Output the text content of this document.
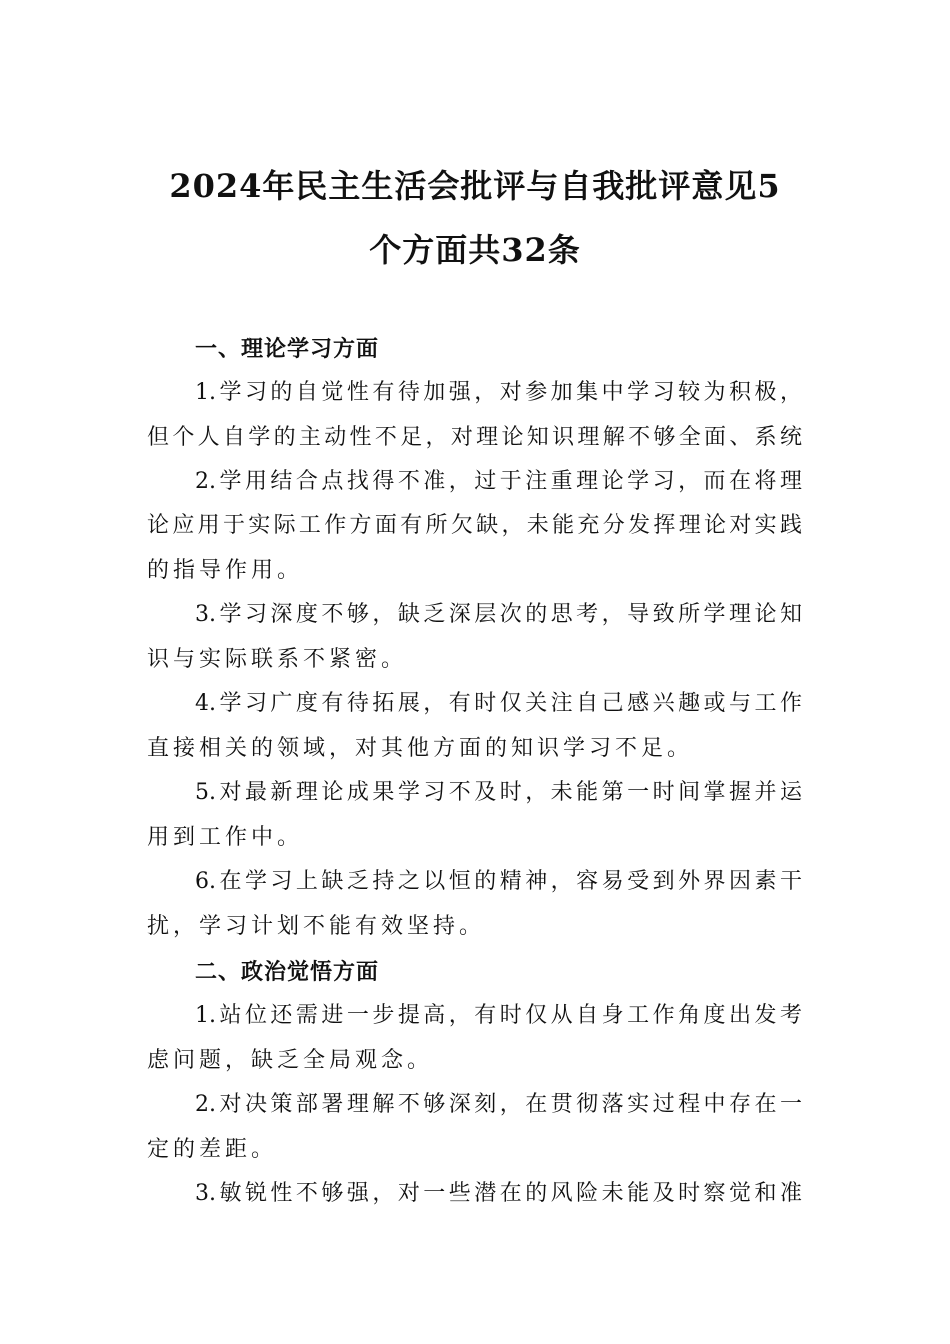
2024年民主生活会批评与自我批评意见5
个方面共32条
一、理论学习方面
1.学习的自觉性有待加强，对参加集中学习较为积极，
但个人自学的主动性不足，对理论知识理解不够全面、系统
2.学用结合点找得不准，过于注重理论学习，而在将理
论应用于实际工作方面有所欠缺，未能充分发挥理论对实践
的指导作用。
3.学习深度不够，缺乏深层次的思考，导致所学理论知
识与实际联系不紧密。
4.学习广度有待拓展，有时仅关注自己感兴趣或与工作
直接相关的领域，对其他方面的知识学习不足。
5.对最新理论成果学习不及时，未能第一时间掌握并运
用到工作中。
6.在学习上缺乏持之以恒的精神，容易受到外界因素干
扰，学习计划不能有效坚持。
二、政治觉悟方面
1.站位还需进一步提高，有时仅从自身工作角度出发考
虑问题，缺乏全局观念。
2.对决策部署理解不够深刻，在贯彻落实过程中存在一
定的差距。
3.敏锐性不够强，对一些潜在的风险未能及时察觉和准
